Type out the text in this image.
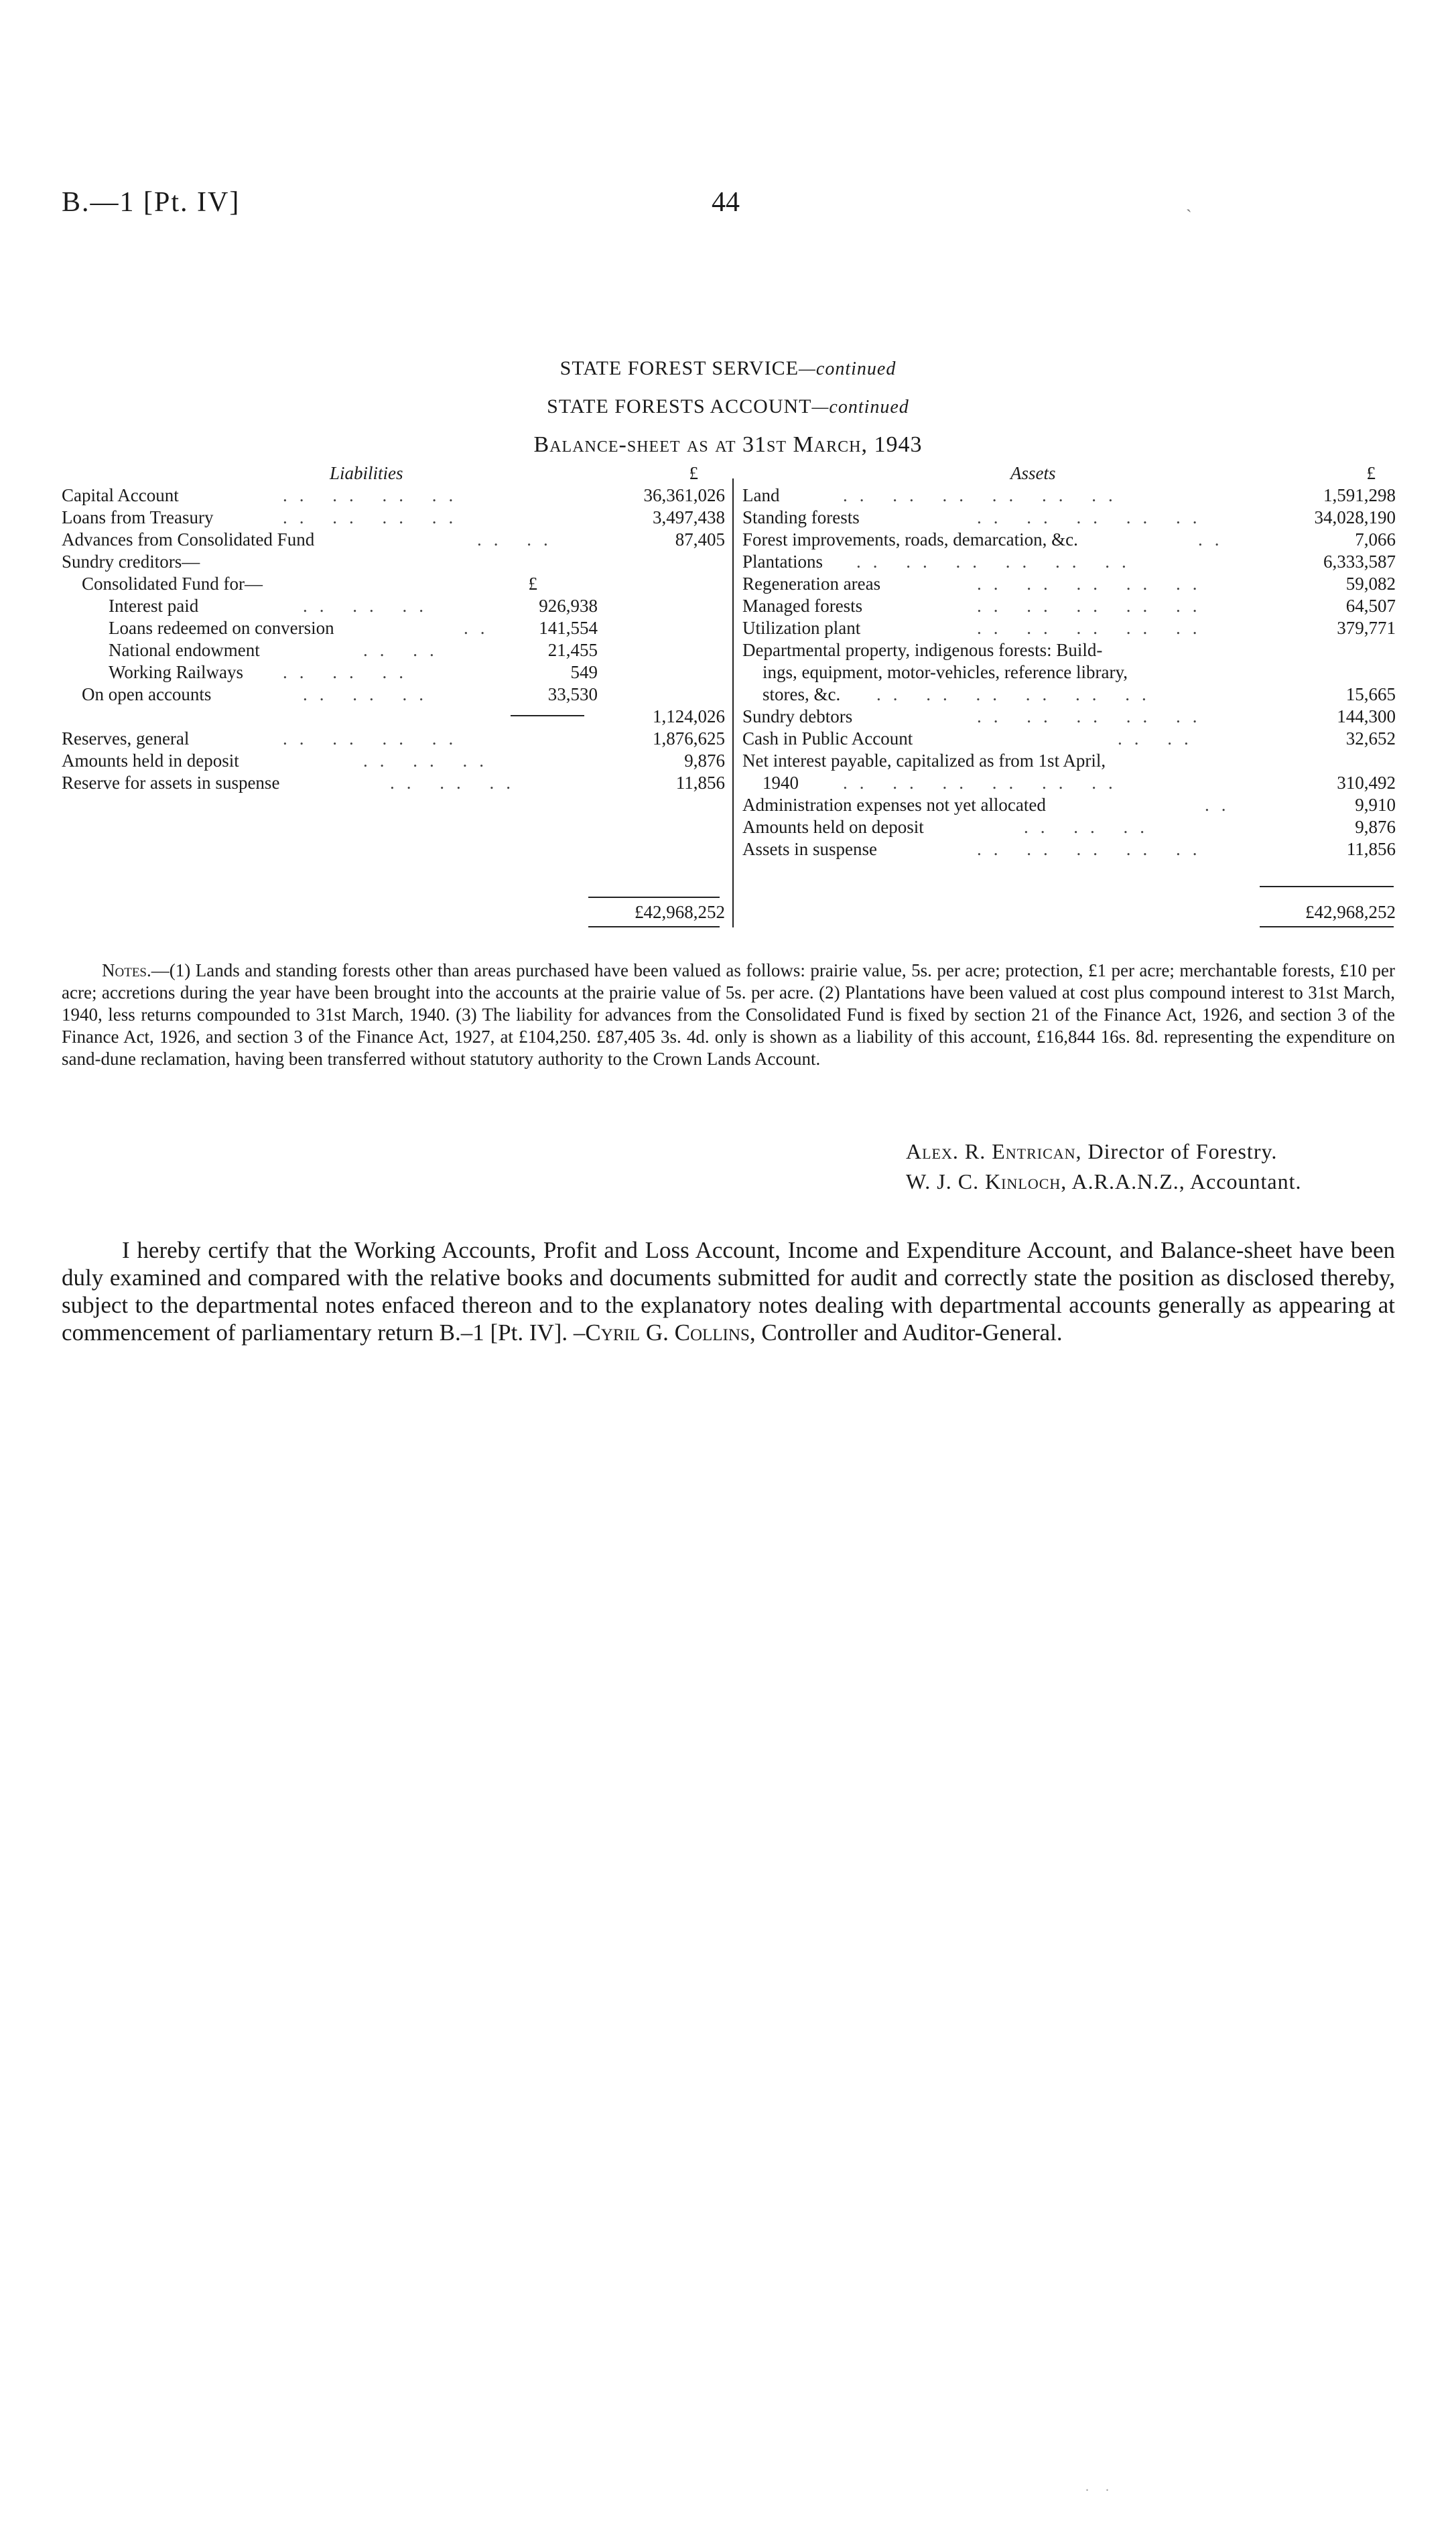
B.—1 [Pt. IV]	44	ˎ
STATE FOREST SERVICE—continued
STATE FORESTS ACCOUNT—continued
Balance-sheet as at 31st March, 1943
Liabilities	£
Capital Account	.. .. .. ..	36,361,026
Loans from Treasury	.. .. .. ..	3,497,438
Advances from Consolidated Fund	.. ..	87,405
Sundry creditors—
Consolidated Fund for—	£
Interest paid	.. .. ..	926,938
Loans redeemed on conversion	..	141,554
National endowment	.. ..	21,455
Working Railways .. .. ..	549
On open accounts	.. .. ..	33,530
1,124,026
Reserves, general	.. .. .. ..	1,876,625
Amounts held in deposit	.. .. ..	9,876
Reserve for assets in suspense	.. .. ..	11,856
£42,968,252
Assets	£
Land	.. .. .. .. .. ..	1,591,298
Standing forests	.. .. .. .. ..	34,028,190
Forest improvements, roads, demarcation, &c.	..	7,066
Plantations .. .. .. .. .. ..	6,333,587
Regeneration areas	.. .. .. .. ..	59,082
Managed forests	.. .. .. .. ..	64,507
Utilization plant	.. .. .. .. ..	379,771
Departmental property, indigenous forests: Build-
ings, equipment, motor-vehicles, reference library,
stores, &c. .. .. .. .. .. ..	15,665
Sundry debtors	.. .. .. .. ..	144,300
Cash in Public Account	.. ..	32,652
Net interest payable, capitalized as from 1st April,
1940 .. .. .. .. .. ..	310,492
Administration expenses not yet allocated	..	9,910
Amounts held on deposit	.. .. ..	9,876
Assets in suspense	.. .. .. .. ..	11,856
£42,968,252
Notes.—(1) Lands and standing forests other than areas purchased have been valued as follows: prairie value, 5s. per acre; protection, £1 per acre; merchantable forests, £10 per acre; accretions during the year have been brought into the accounts at the prairie value of 5s. per acre. (2) Plantations have been valued at cost plus compound interest to 31st March, 1940, less returns compounded to 31st March, 1940. (3) The liability for advances from the Consolidated Fund is fixed by section 21 of the Finance Act, 1926, and section 3 of the Finance Act, 1926, and section 3 of the Finance Act, 1927, at £104,250. £87,405 3s. 4d. only is shown as a liability of this account, £16,844 16s. 8d. representing the expenditure on sand-dune reclamation, having been transferred without statutory authority to the Crown Lands Account.
Alex. R. Entrican, Director of Forestry.
W. J. C. Kinloch, A.R.A.N.Z., Accountant.
I hereby certify that the Working Accounts, Profit and Loss Account, Income and Expenditure Account, and Balance-sheet have been duly examined and compared with the relative books and documents submitted for audit and correctly state the position as disclosed thereby, subject to the departmental notes enfaced thereon and to the explanatory notes dealing with departmental accounts generally as appearing at commencement of parliamentary return B.–1 [Pt. IV]. –Cyril G. Collins, Controller and Auditor-General.
. .
